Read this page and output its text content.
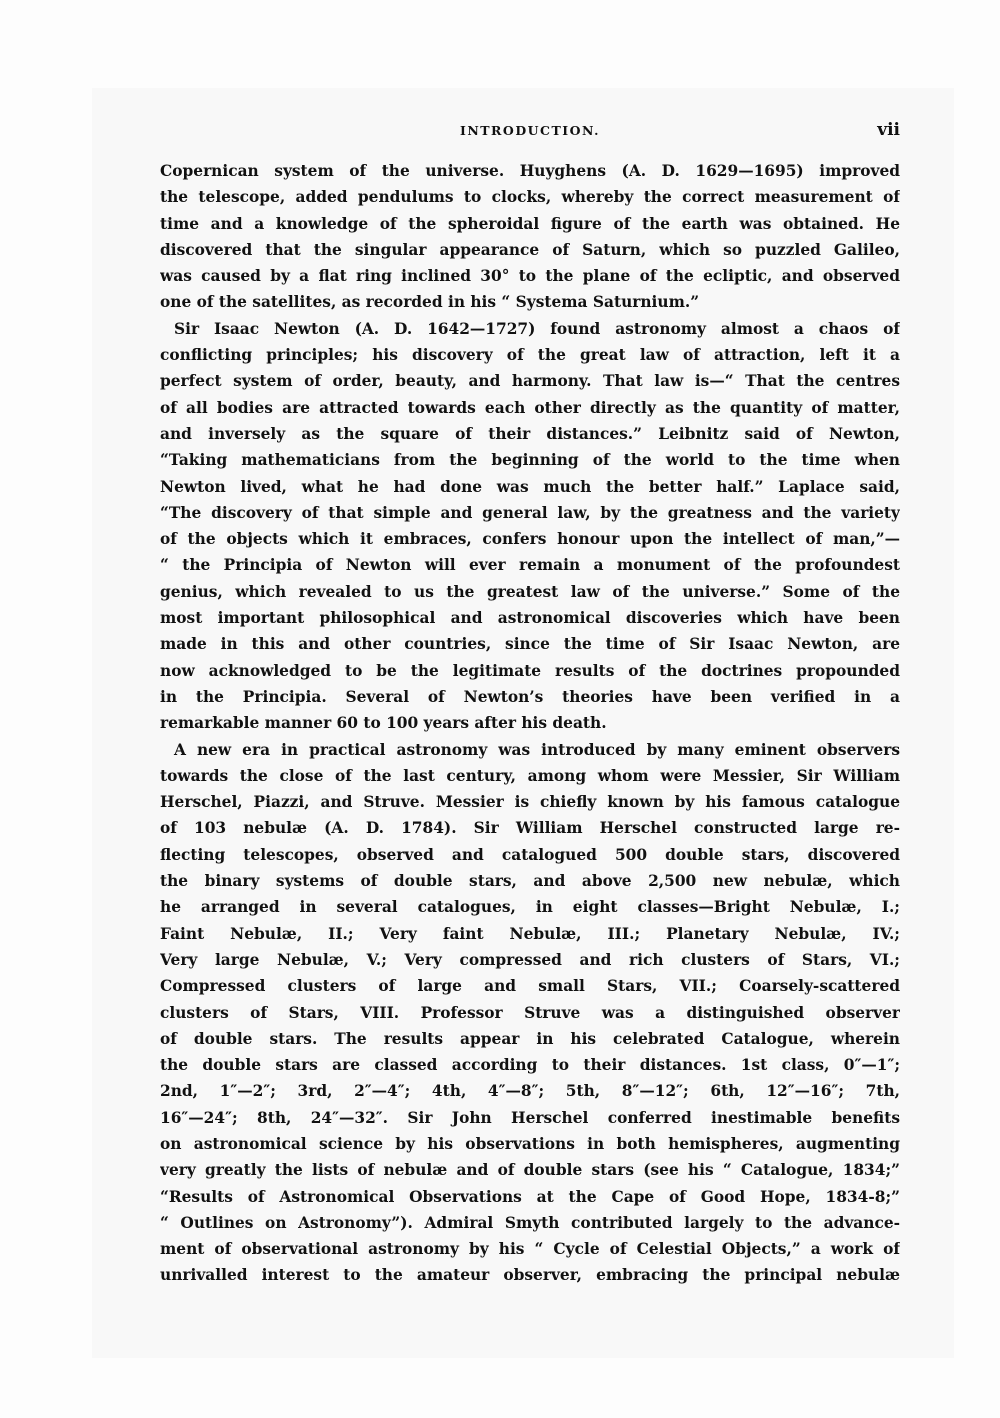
INTRODUCTION.	vii
Copernican system of the universe. Huyghens (A. D. 1629—1695) improved
the telescope, added pendulums to clocks, whereby the correct measurement of
time and a knowledge of the spheroidal figure of the earth was obtained. He
discovered that the singular appearance of Saturn, which so puzzled Galileo,
was caused by a flat ring inclined 30° to the plane of the ecliptic, and observed
one of the satellites, as recorded in his “ Systema Saturnium.”
Sir Isaac Newton (A. D. 1642—1727) found astronomy almost a chaos of
conflicting principles; his discovery of the great law of attraction, left it a
perfect system of order, beauty, and harmony. That law is—“ That the centres
of all bodies are attracted towards each other directly as the quantity of matter,
and inversely as the square of their distances.” Leibnitz said of Newton,
“Taking mathematicians from the beginning of the world to the time when
Newton lived, what he had done was much the better half.” Laplace said,
“The discovery of that simple and general law, by the greatness and the variety
of the objects which it embraces, confers honour upon the intellect of man,”—
“ the Principia of Newton will ever remain a monument of the profoundest
genius, which revealed to us the greatest law of the universe.” Some of the
most important philosophical and astronomical discoveries which have been
made in this and other countries, since the time of Sir Isaac Newton, are
now acknowledged to be the legitimate results of the doctrines propounded
in the Principia. Several of Newton’s theories have been verified in a
remarkable manner 60 to 100 years after his death.
A new era in practical astronomy was introduced by many eminent observers
towards the close of the last century, among whom were Messier, Sir William
Herschel, Piazzi, and Struve. Messier is chiefly known by his famous catalogue
of 103 nebulæ (A. D. 1784). Sir William Herschel constructed large re-
flecting telescopes, observed and catalogued 500 double stars, discovered
the binary systems of double stars, and above 2,500 new nebulæ, which
he arranged in several catalogues, in eight classes—Bright Nebulæ, I.;
Faint Nebulæ, II.; Very faint Nebulæ, III.; Planetary Nebulæ, IV.;
Very large Nebulæ, V.; Very compressed and rich clusters of Stars, VI.;
Compressed clusters of large and small Stars, VII.; Coarsely-scattered
clusters of Stars, VIII. Professor Struve was a distinguished observer
of double stars. The results appear in his celebrated Catalogue, wherein
the double stars are classed according to their distances. 1st class, 0″—1″;
2nd, 1″—2″; 3rd, 2″—4″; 4th, 4″—8″; 5th, 8″—12″; 6th, 12″—16″; 7th,
16″—24″; 8th, 24″—32″. Sir John Herschel conferred inestimable benefits
on astronomical science by his observations in both hemispheres, augmenting
very greatly the lists of nebulæ and of double stars (see his “ Catalogue, 1834;”
“Results of Astronomical Observations at the Cape of Good Hope, 1834-8;”
“ Outlines on Astronomy”). Admiral Smyth contributed largely to the advance-
ment of observational astronomy by his “ Cycle of Celestial Objects,” a work of
unrivalled interest to the amateur observer, embracing the principal nebulæ
